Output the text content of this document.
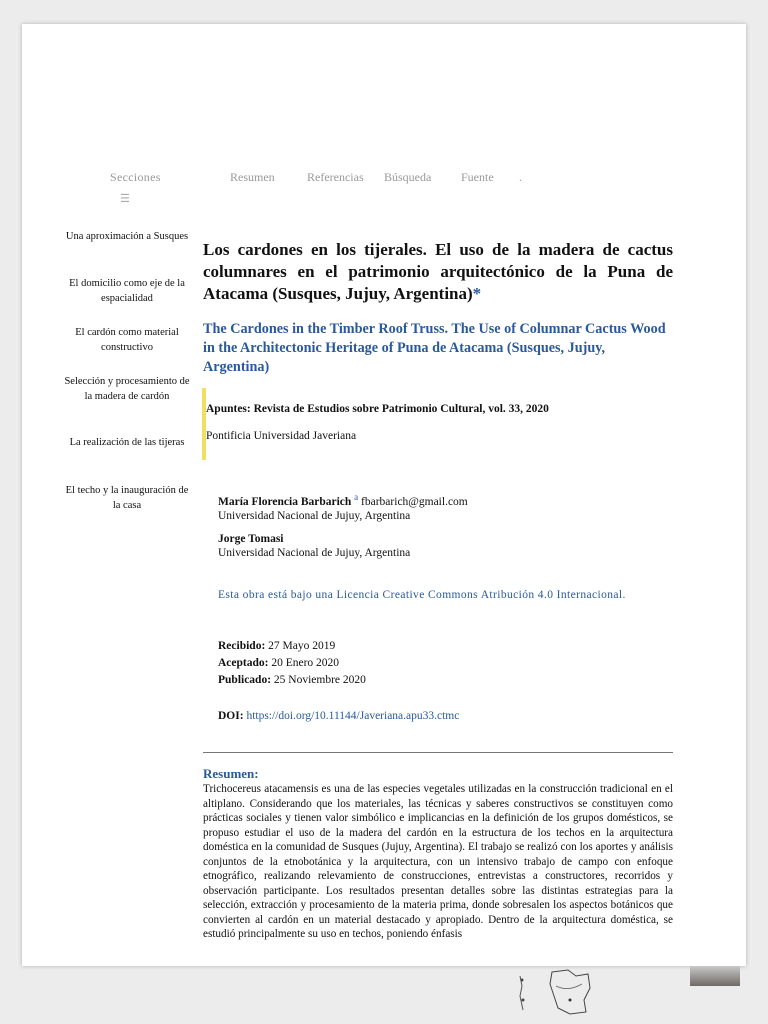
Secciones
☰
Resumen	Referencias Búsqueda Fuente .
Una aproximación a Susques
El domicilio como eje de la espacialidad
El cardón como material constructivo
Selección y procesamiento de la madera de cardón
La realización de las tijeras
El techo y la inauguración de la casa
Los cardones en los tijerales. El uso de la madera de cactus columnares en el patrimonio arquitectónico de la Puna de Atacama (Susques, Jujuy, Argentina)*
The Cardones in the Timber Roof Truss. The Use of Columnar Cactus Wood in the Architectonic Heritage of Puna de Atacama (Susques, Jujuy, Argentina)
Apuntes: Revista de Estudios sobre Patrimonio Cultural, vol. 33, 2020
Pontificia Universidad Javeriana
María Florencia Barbarich $^a$ fbarbarich@gmail.com
Universidad Nacional de Jujuy, Argentina
Jorge Tomasi
Universidad Nacional de Jujuy, Argentina
Esta obra está bajo una Licencia Creative Commons Atribución 4.0 Internacional.
Recibido: 27 Mayo 2019
Aceptado: 20 Enero 2020
Publicado: 25 Noviembre 2020
DOI: https://doi.org/10.11144/Javeriana.apu33.ctmc
Resumen:
Trichocereus atacamensis es una de las especies vegetales utilizadas en la construcción tradicional en el altiplano. Considerando que los materiales, las técnicas y saberes constructivos se constituyen como prácticas sociales y tienen valor simbólico e implicancias en la definición de los grupos domésticos, se propuso estudiar el uso de la madera del cardón en la estructura de los techos en la arquitectura doméstica en la comunidad de Susques (Jujuy, Argentina). El trabajo se realizó con los aportes y análisis conjuntos de la etnobotánica y la arquitectura, con un intensivo trabajo de campo con enfoque etnográfico, realizando relevamiento de construcciones, entrevistas a constructores, recorridos y observación participante. Los resultados presentan detalles sobre las distintas estrategias para la selección, extracción y procesamiento de la materia prima, donde sobresalen los aspectos botánicos que convierten al cardón en un material destacado y apropiado. Dentro de la arquitectura doméstica, se estudió principalmente su uso en techos, poniendo énfasis
